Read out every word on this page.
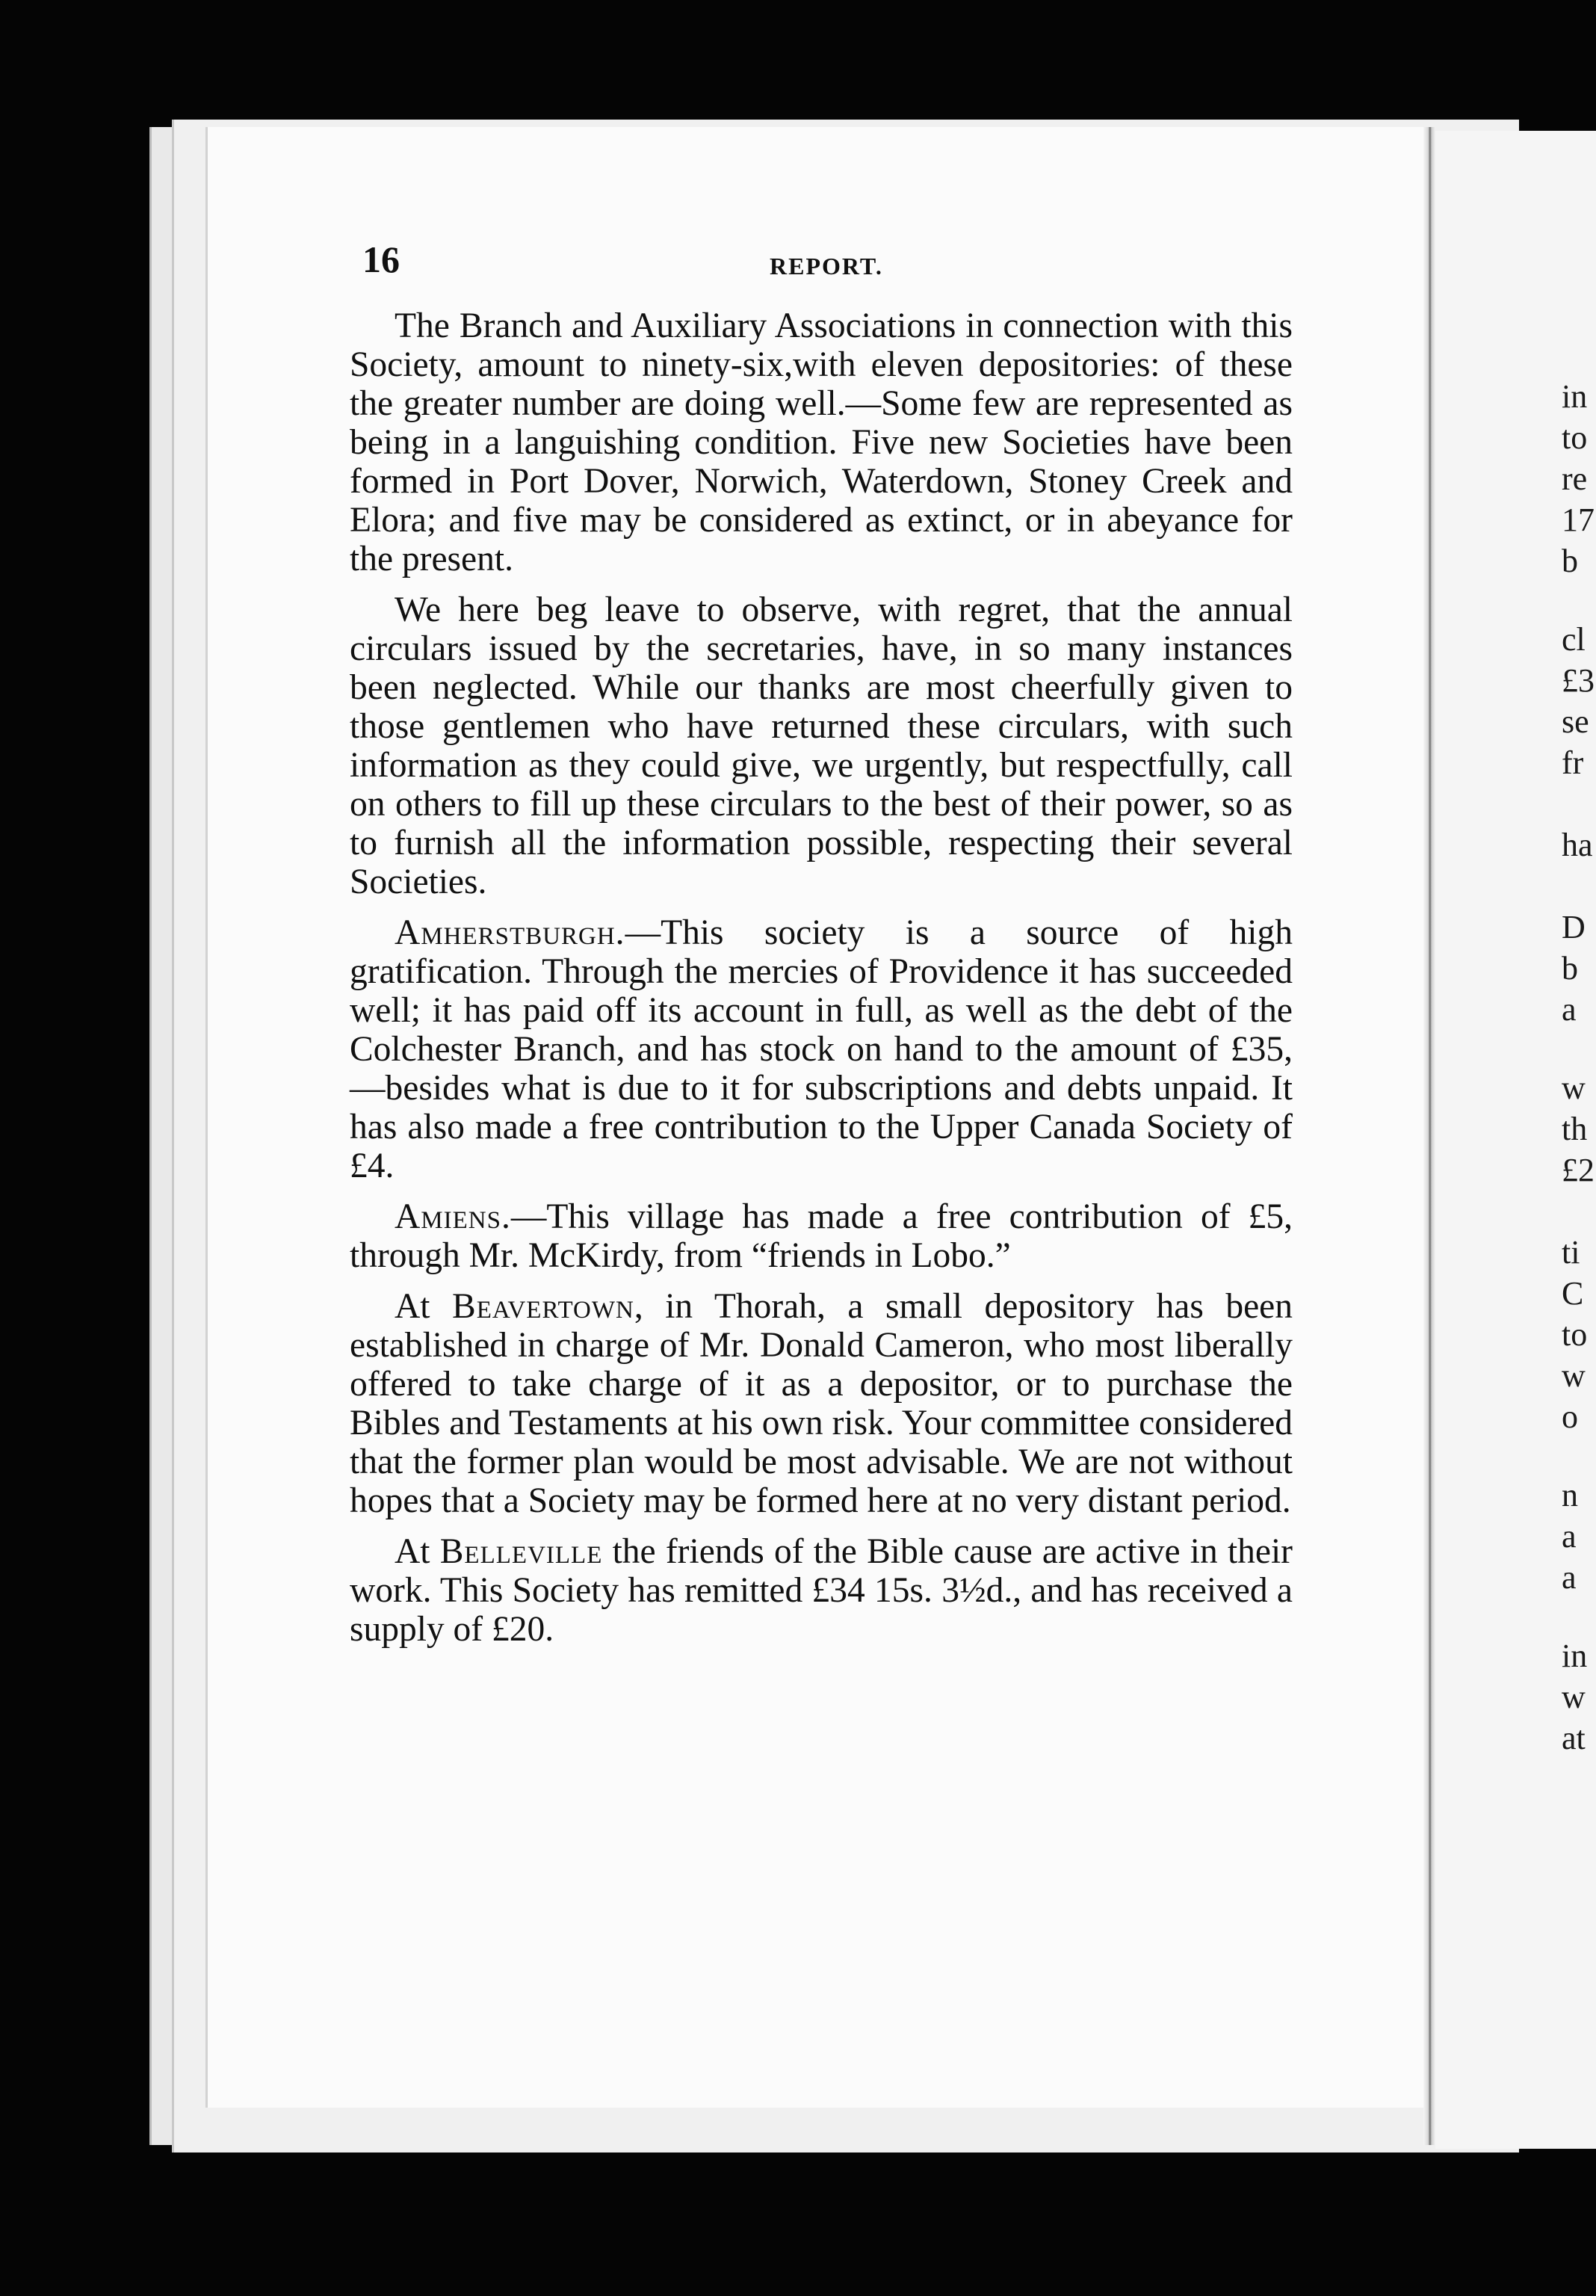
in
to
re
17
b
cl
£3
se
fr
ha
D
b
a
w
th
£2
ti
C
to
w
o
n
a
a
in
w
at
16	REPORT.

The Branch and Auxiliary Associations in connection with this Society, amount to ninety-six,with eleven depositories: of these the greater number are doing well.—Some few are represented as being in a languishing condition. Five new Societies have been formed in Port Dover, Norwich, Waterdown, Stoney Creek and Elora; and five may be considered as extinct, or in abeyance for the present.

We here beg leave to observe, with regret, that the annual circulars issued by the secretaries, have, in so many instances been neglected. While our thanks are most cheerfully given to those gentlemen who have returned these circulars, with such information as they could give, we urgently, but respectfully, call on others to fill up these circulars to the best of their power, so as to furnish all the information possible, respecting their several Societies.

Amherstburgh.—This society is a source of high gratification. Through the mercies of Providence it has succeeded well; it has paid off its account in full, as well as the debt of the Colchester Branch, and has stock on hand to the amount of £35,—besides what is due to it for subscriptions and debts unpaid. It has also made a free contribution to the Upper Canada Society of £4.

Amiens.—This village has made a free contribution of £5, through Mr. McKirdy, from “friends in Lobo.”

At Beavertown, in Thorah, a small depository has been established in charge of Mr. Donald Cameron, who most liberally offered to take charge of it as a depositor, or to purchase the Bibles and Testaments at his own risk. Your committee considered that the former plan would be most advisable. We are not without hopes that a Society may be formed here at no very distant period.

At Belleville the friends of the Bible cause are active in their work. This Society has remitted £34 15s. 3½d., and has received a supply of £20.
